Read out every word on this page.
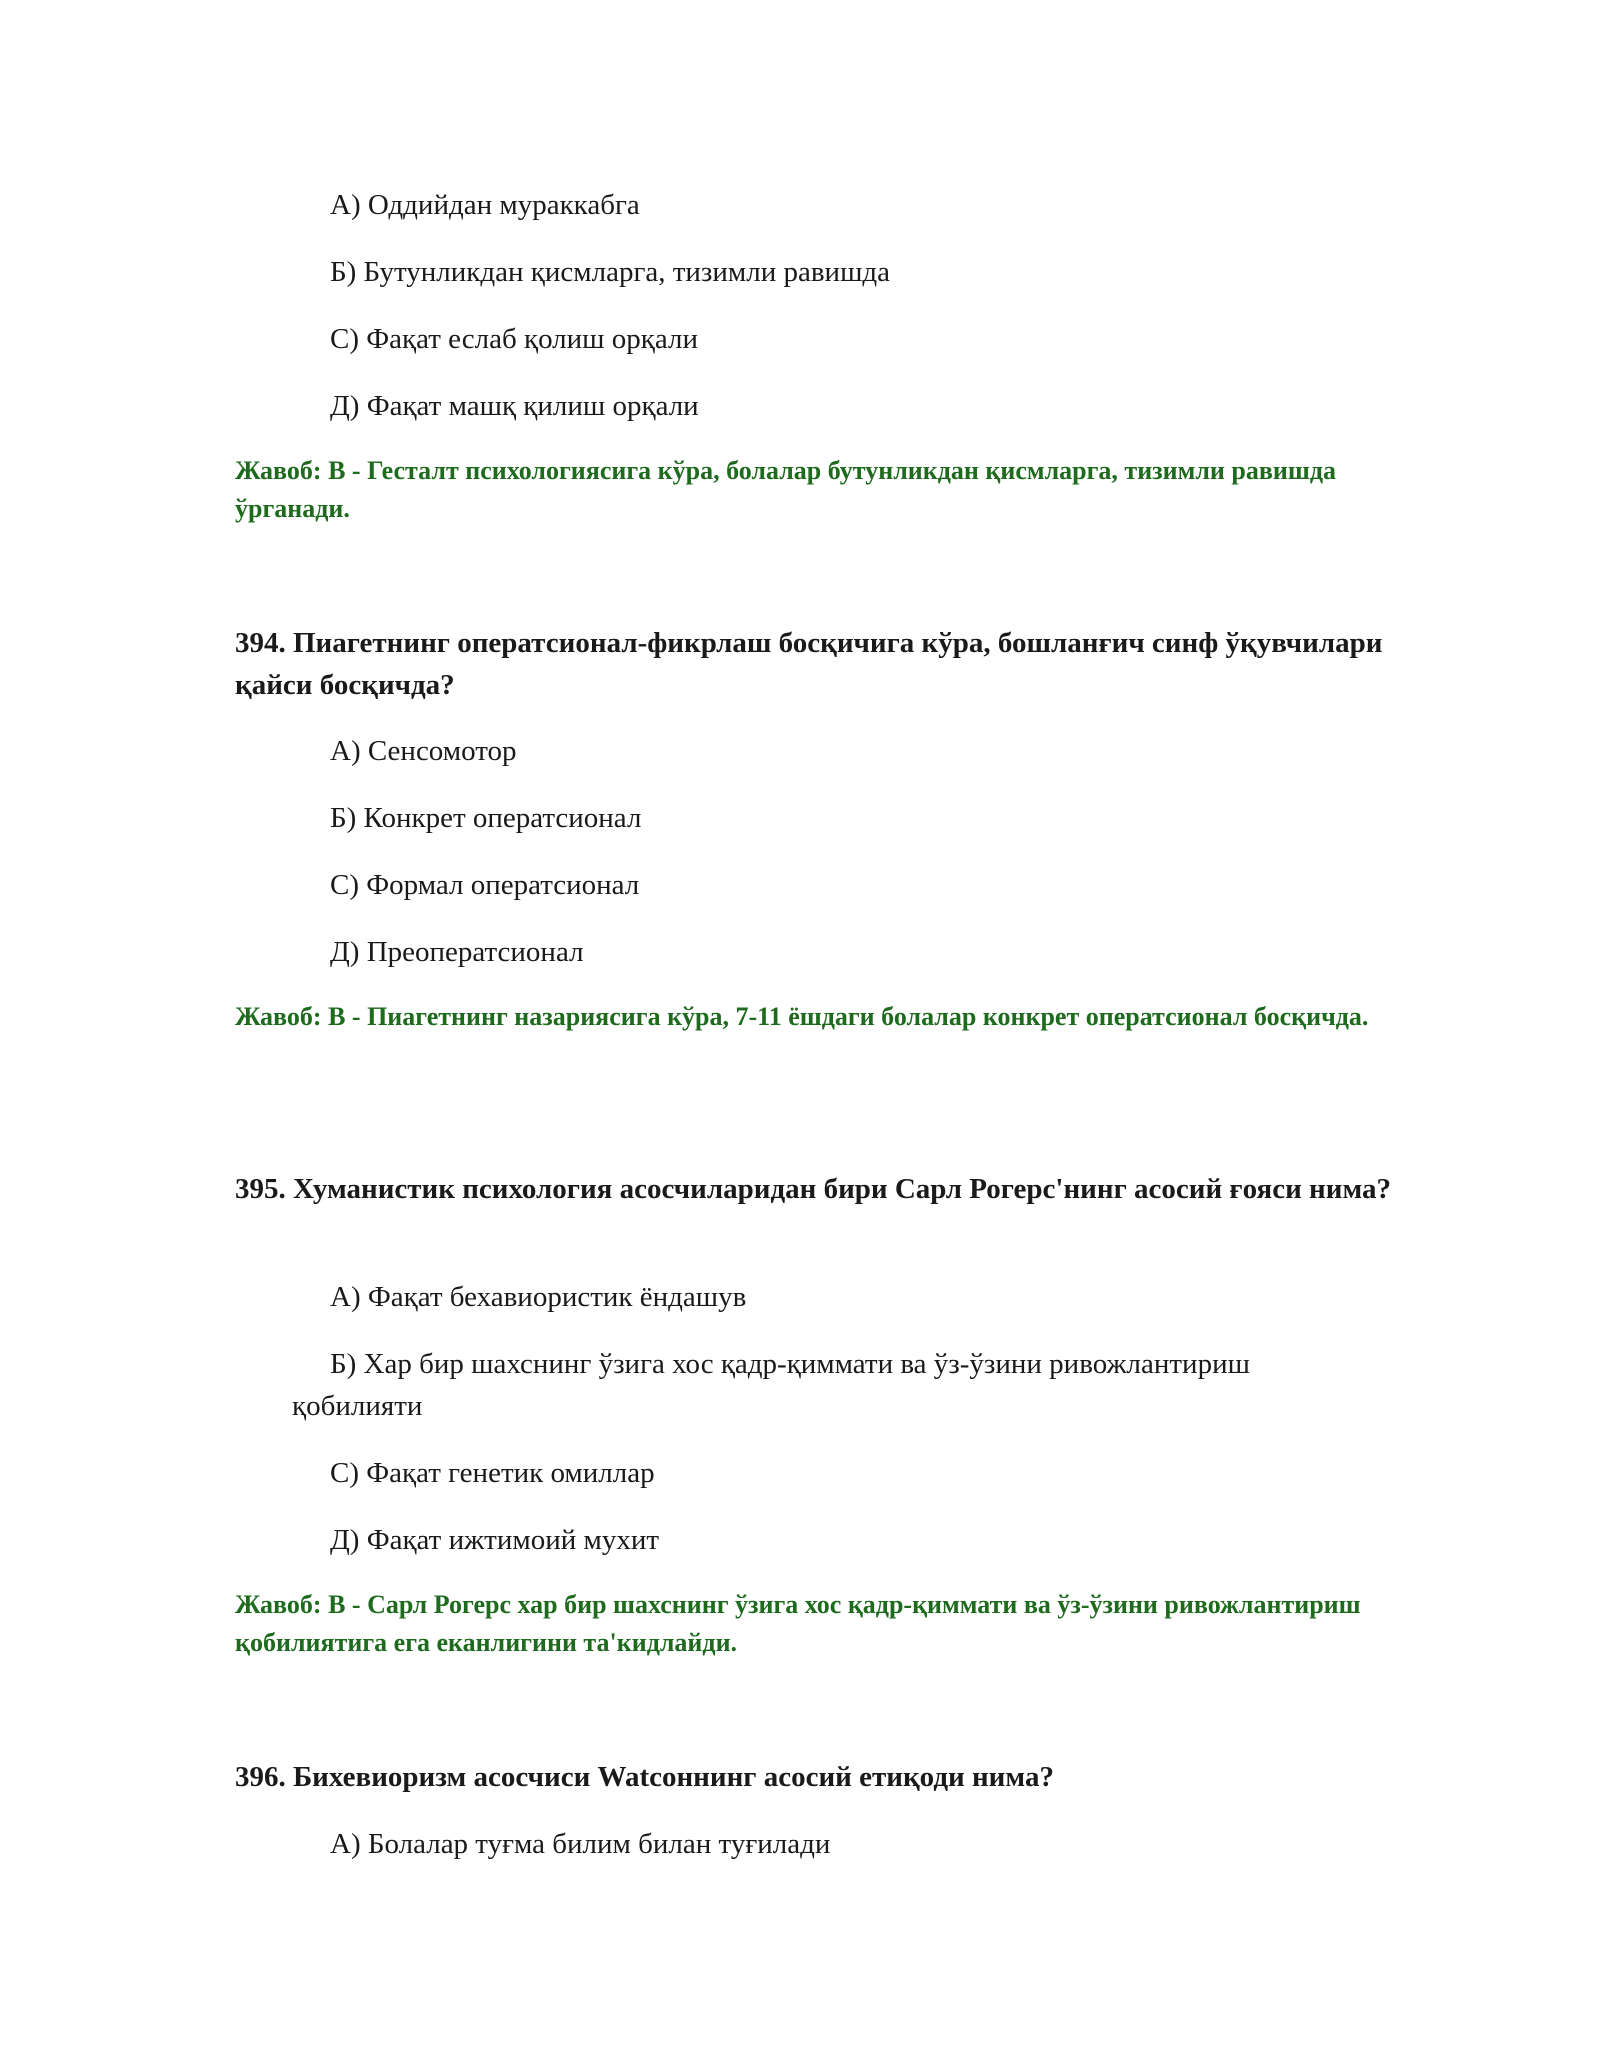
А) Оддийдан мураккабга
Б) Бутунликдан қисмларга, тизимли равишда
С) Фақат еслаб қолиш орқали
Д) Фақат машқ қилиш орқали
Жавоб: В - Гесталт психологиясига кўра, болалар бутунликдан қисмларга, тизимли равишда ўрганади.
394. Пиагетнинг оператсионал-фикрлаш босқичига кўра, бошланғич синф ўқувчилари қайси босқичда?
А) Сенсомотор
Б) Конкрет оператсионал
С) Формал оператсионал
Д) Преоператсионал
Жавоб: В - Пиагетнинг назариясига кўра, 7-11 ёшдаги болалар конкрет оператсионал босқичда.
395. Хуманистик психология асосчиларидан бири Сарл Рогерс'нинг асосий ғояси нима?
А) Фақат бехавиористик ёндашув
Б) Хар бир шахснинг ўзига хос қадр-қиммати ва ўз-ўзини ривожлантириш
қобилияти
С) Фақат генетик омиллар
Д) Фақат ижтимоий мухит
Жавоб: В - Сарл Рогерс хар бир шахснинг ўзига хос қадр-қиммати ва ўз-ўзини ривожлантириш қобилиятига ега еканлигини та'кидлайди.
396. Бихевиоризм асосчиси Watсоннинг асосий етиқоди нима?
А) Болалар туғма билим билан туғилади
